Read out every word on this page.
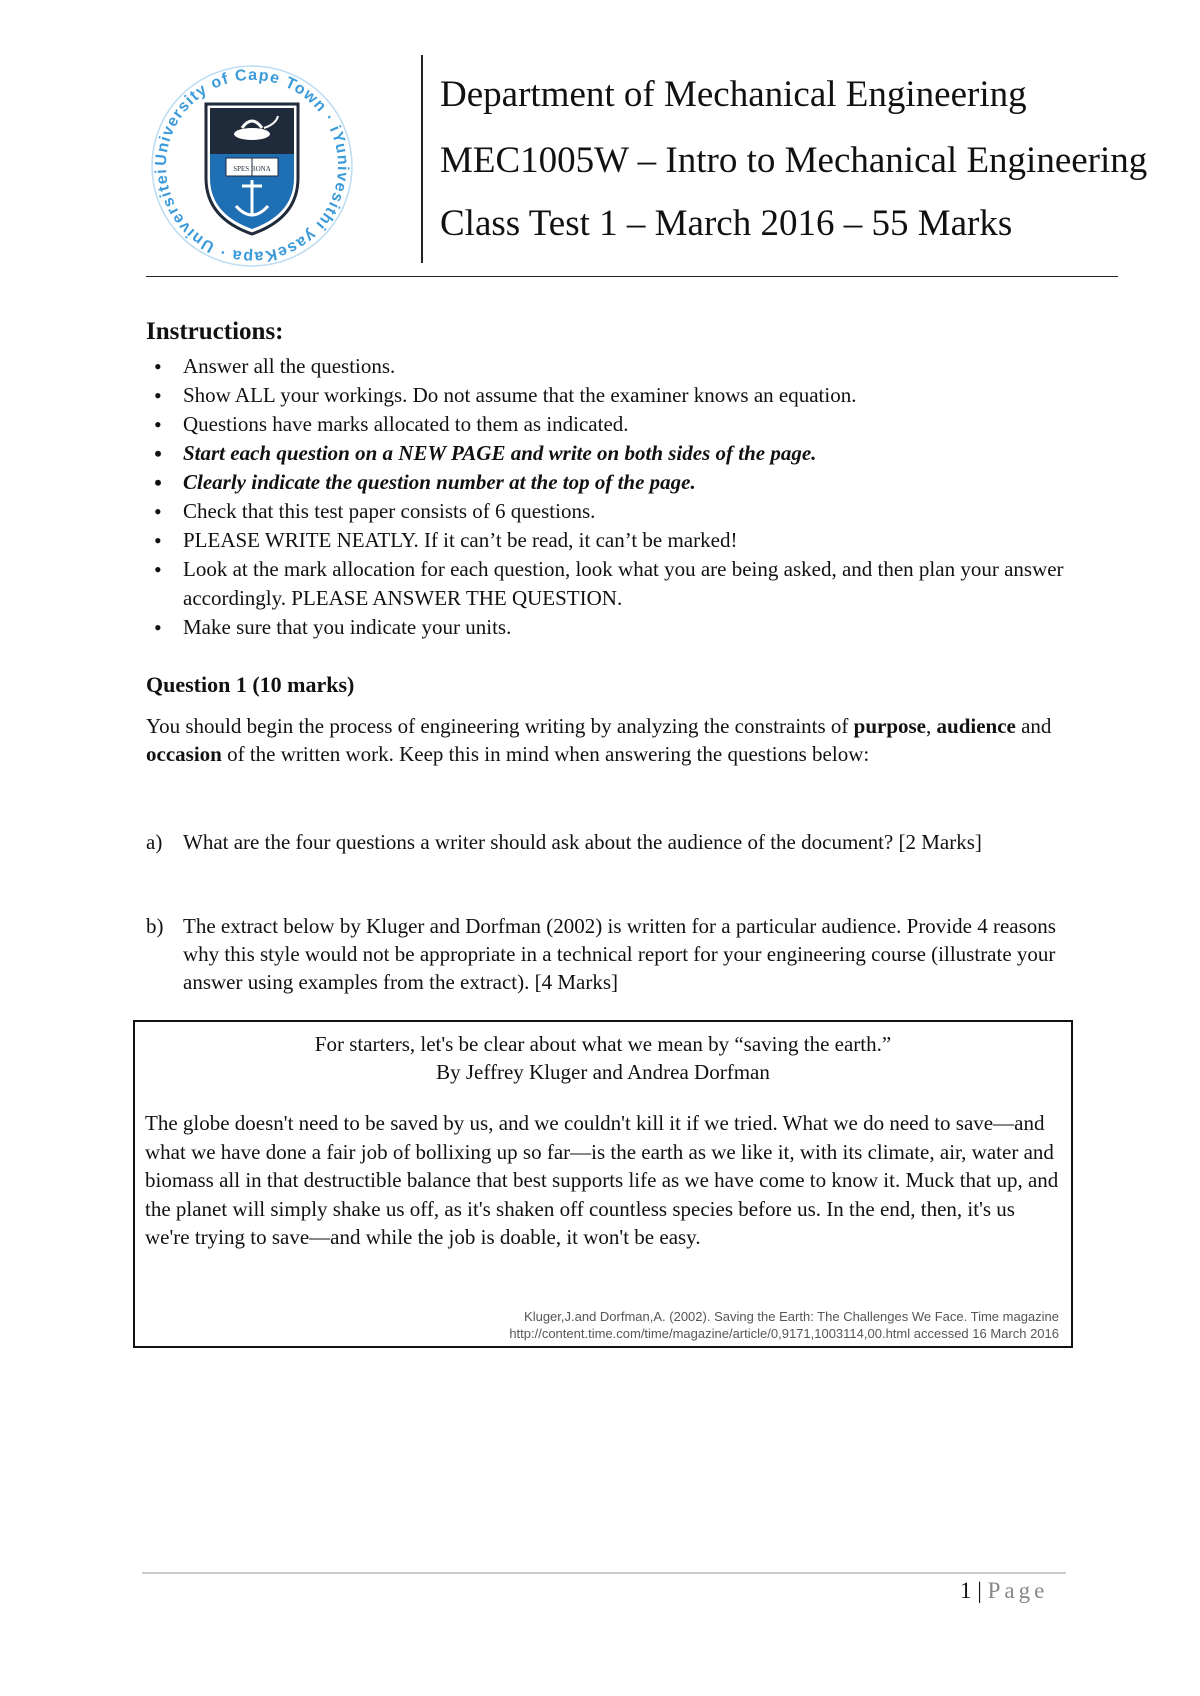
University of Cape Town · iYunivesithi yaseKapa · Universitei	SPES BONA
Department of Mechanical Engineering
MEC1005W – Intro to Mechanical Engineering
Class Test 1 – March 2016 – 55 Marks
Instructions:
• Answer all the questions.
• Show ALL your workings. Do not assume that the examiner knows an equation.
• Questions have marks allocated to them as indicated.
• Start each question on a NEW PAGE and write on both sides of the page.
• Clearly indicate the question number at the top of the page.
• Check that this test paper consists of 6 questions.
• PLEASE WRITE NEATLY. If it can’t be read, it can’t be marked!
• Look at the mark allocation for each question, look what you are being asked, and then plan your answer accordingly. PLEASE ANSWER THE QUESTION.
• Make sure that you indicate your units.
Question 1 (10 marks)
You should begin the process of engineering writing by analyzing the constraints of purpose, audience and occasion of the written work. Keep this in mind when answering the questions below:
a) What are the four questions a writer should ask about the audience of the document? [2 Marks]
b) The extract below by Kluger and Dorfman (2002) is written for a particular audience. Provide 4 reasons why this style would not be appropriate in a technical report for your engineering course (illustrate your answer using examples from the extract). [4 Marks]
For starters, let's be clear about what we mean by “saving the earth.”
By Jeffrey Kluger and Andrea Dorfman
The globe doesn't need to be saved by us, and we couldn't kill it if we tried. What we do need to save—and what we have done a fair job of bollixing up so far—is the earth as we like it, with its climate, air, water and biomass all in that destructible balance that best supports life as we have come to know it. Muck that up, and the planet will simply shake us off, as it's shaken off countless species before us. In the end, then, it's us we're trying to save—and while the job is doable, it won't be easy.
Kluger,J.and Dorfman,A. (2002). Saving the Earth: The Challenges We Face. Time magazine
http://content.time.com/time/magazine/article/0,9171,1003114,00.html accessed 16 March 2016
1 | Page
